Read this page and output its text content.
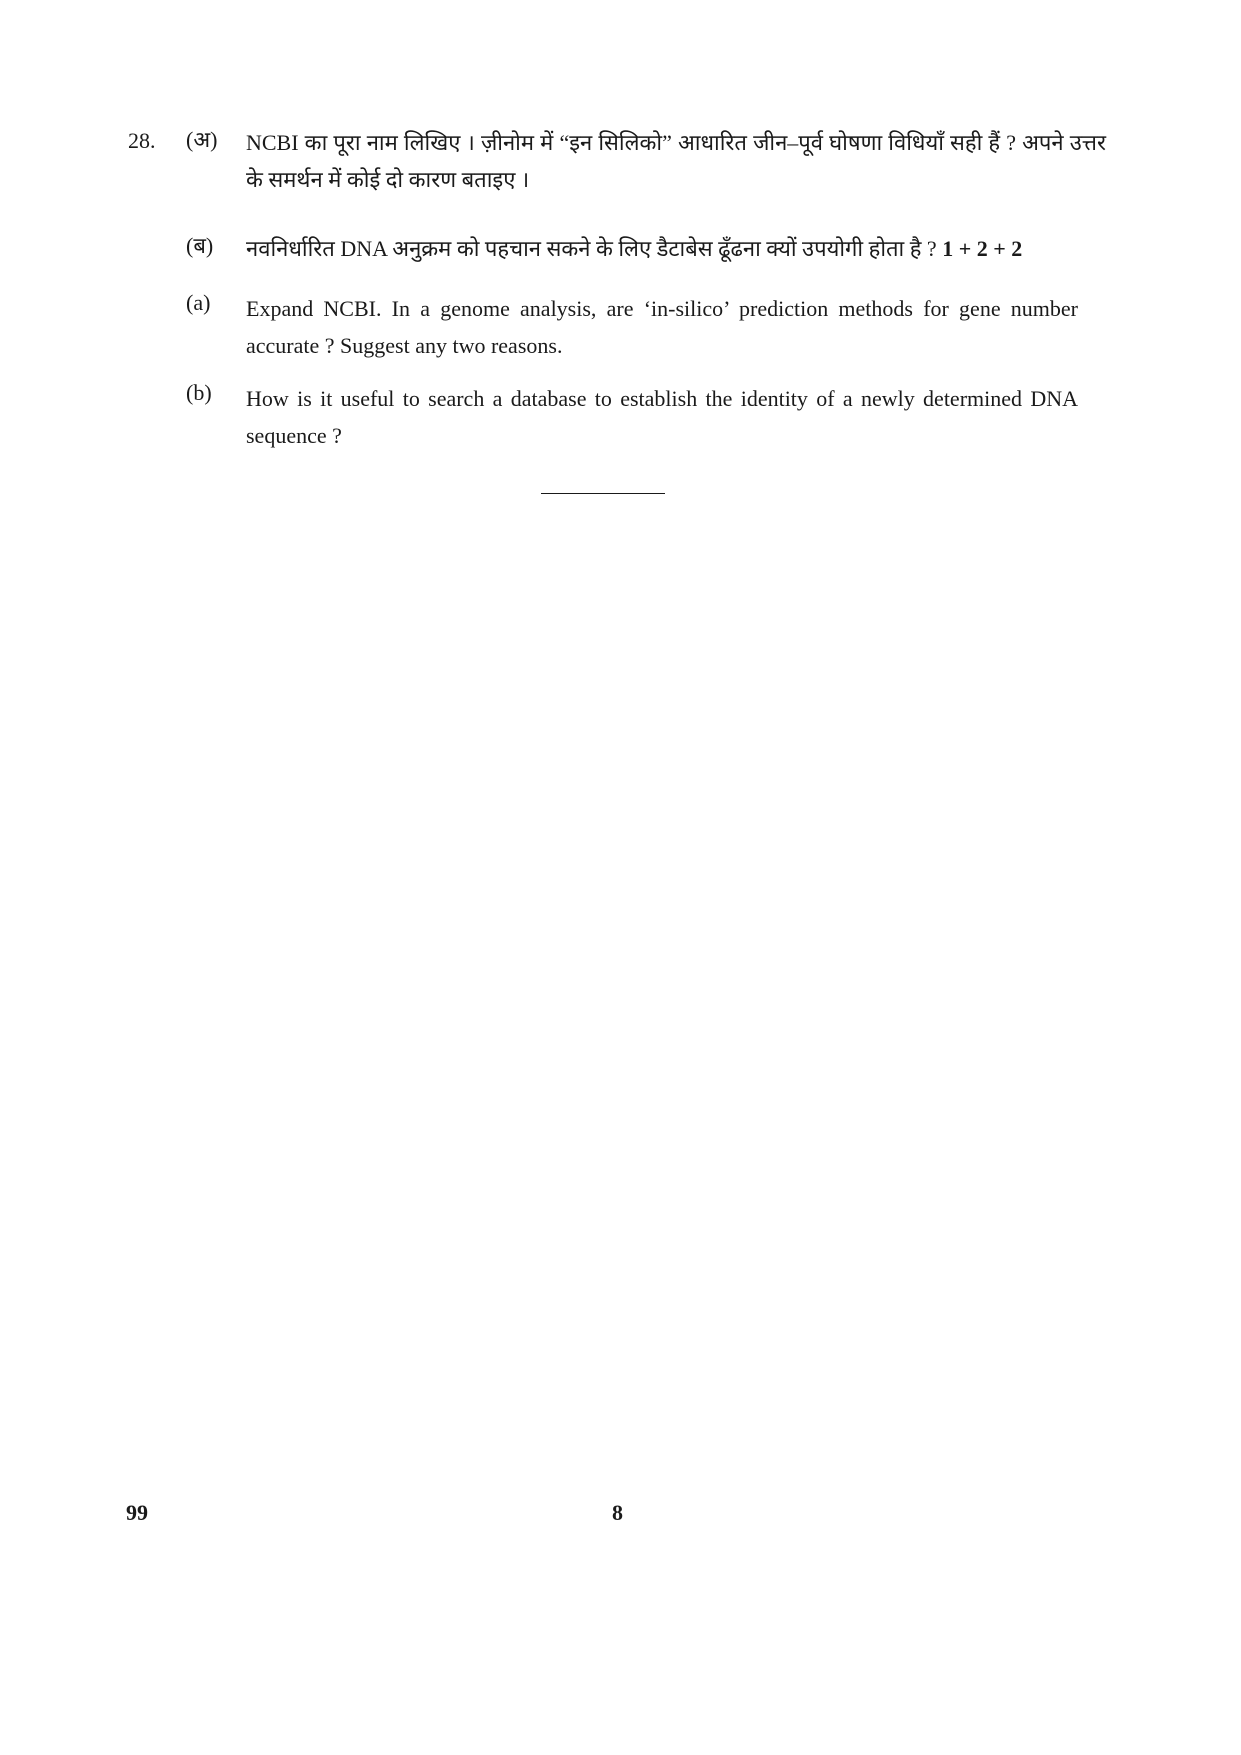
28. (अ) NCBI का पूरा नाम लिखिए । ज़ीनोम में “इन सिलिको” आधारित जीन–पूर्व घोषणा विधियाँ सही हैं ? अपने उत्तर के समर्थन में कोई दो कारण बताइए ।
(ब) नवनिर्धारित DNA अनुक्रम को पहचान सकने के लिए डैटाबेस ढूँढना क्यों उपयोगी होता है ? 1 + 2 + 2
(a) Expand NCBI. In a genome analysis, are ‘in-silico’ prediction methods for gene number accurate ? Suggest any two reasons.
(b) How is it useful to search a database to establish the identity of a newly determined DNA sequence ?
99	8
